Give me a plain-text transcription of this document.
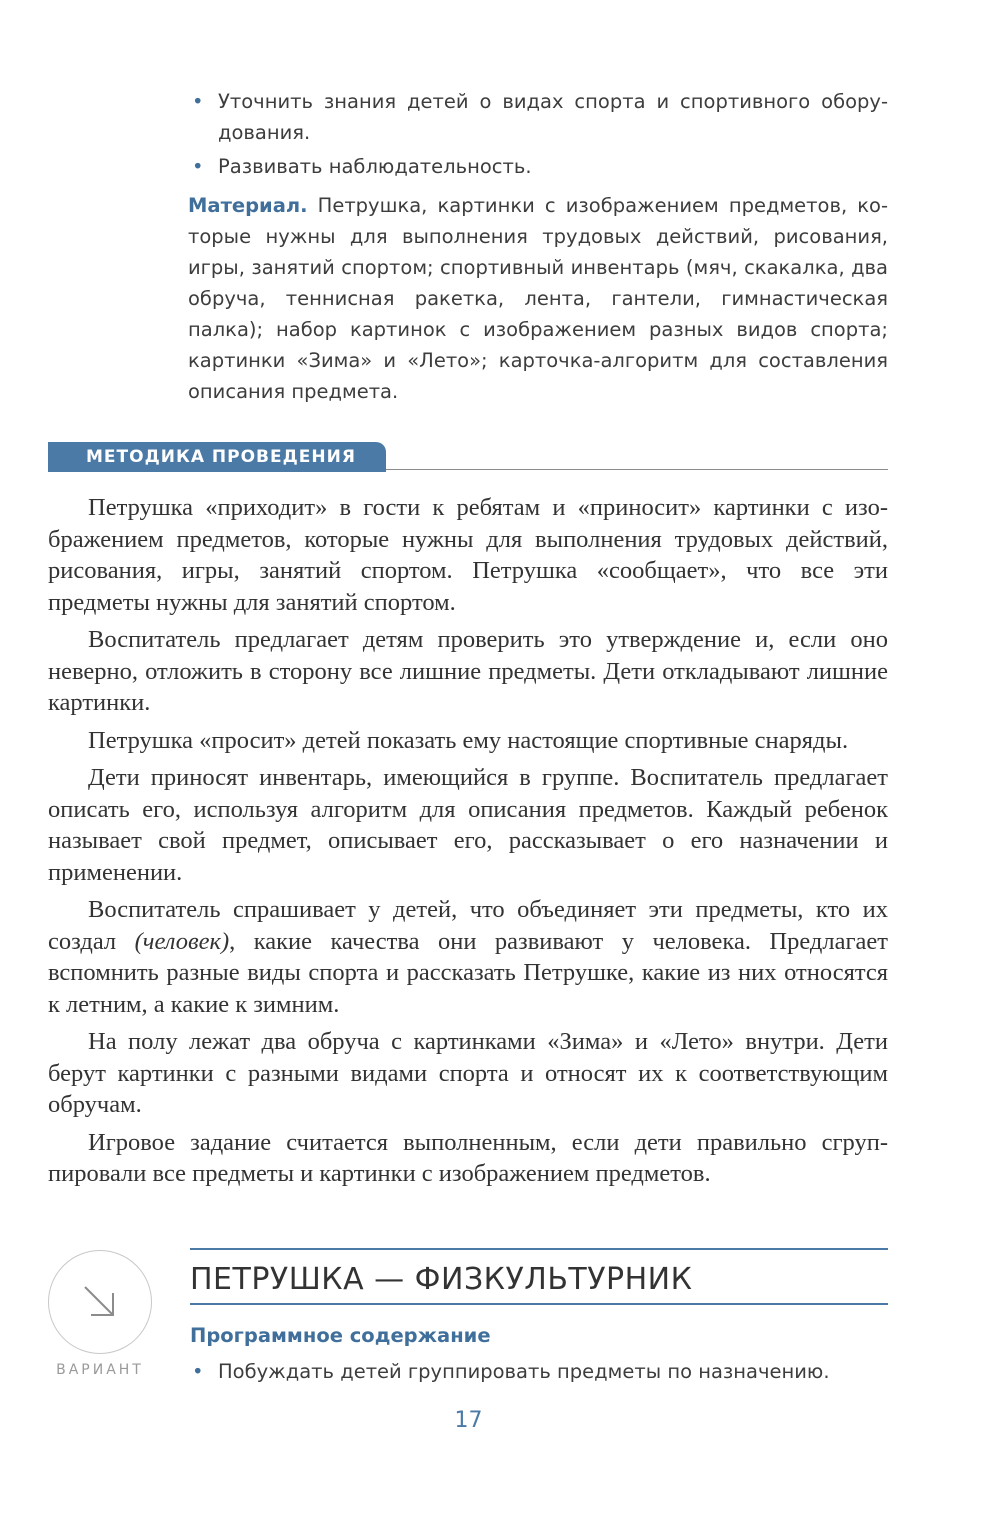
• Уточнить знания детей о видах спорта и спортивного оборудования.
• Развивать наблюдательность.
Материал. Петрушка, картинки с изображением предметов, которые нужны для выполнения трудовых действий, рисования, игры, занятий спортом; спортивный инвентарь (мяч, скакалка, два обруча, теннисная ракетка, лента, гантели, гимнастическая палка); набор картинок с изображением разных видов спорта; картинки «Зима» и «Лето»; карточка-алгоритм для составления описания предмета.
МЕТОДИКА ПРОВЕДЕНИЯ

Петрушка «приходит» в гости к ребятам и «приносит» картинки с изображением предметов, которые нужны для выполнения трудовых действий, рисования, игры, занятий спортом. Петрушка «сообщает», что все эти предметы нужны для занятий спортом.

Воспитатель предлагает детям проверить это утверждение и, если оно неверно, отложить в сторону все лишние предметы. Дети откладывают лишние картинки.

Петрушка «просит» детей показать ему настоящие спортивные снаряды.

Дети приносят инвентарь, имеющийся в группе. Воспитатель предлагает описать его, используя алгоритм для описания предметов. Каждый ребенок называет свой предмет, описывает его, рассказывает о его назначении и применении.

Воспитатель спрашивает у детей, что объединяет эти предметы, кто их создал (человек), какие качества они развивают у человека. Предлагает вспомнить разные виды спорта и рассказать Петрушке, какие из них относятся к летним, а какие к зимним.

На полу лежат два обруча с картинками «Зима» и «Лето» внутри. Дети берут картинки с разными видами спорта и относят их к соответствующим обручам.

Игровое задание считается выполненным, если дети правильно сгруппировали все предметы и картинки с изображением предметов.

ВАРИАНТ
ПЕТРУШКА — ФИЗКУЛЬТУРНИК
Программное содержание
• Побуждать детей группировать предметы по назначению.
17
